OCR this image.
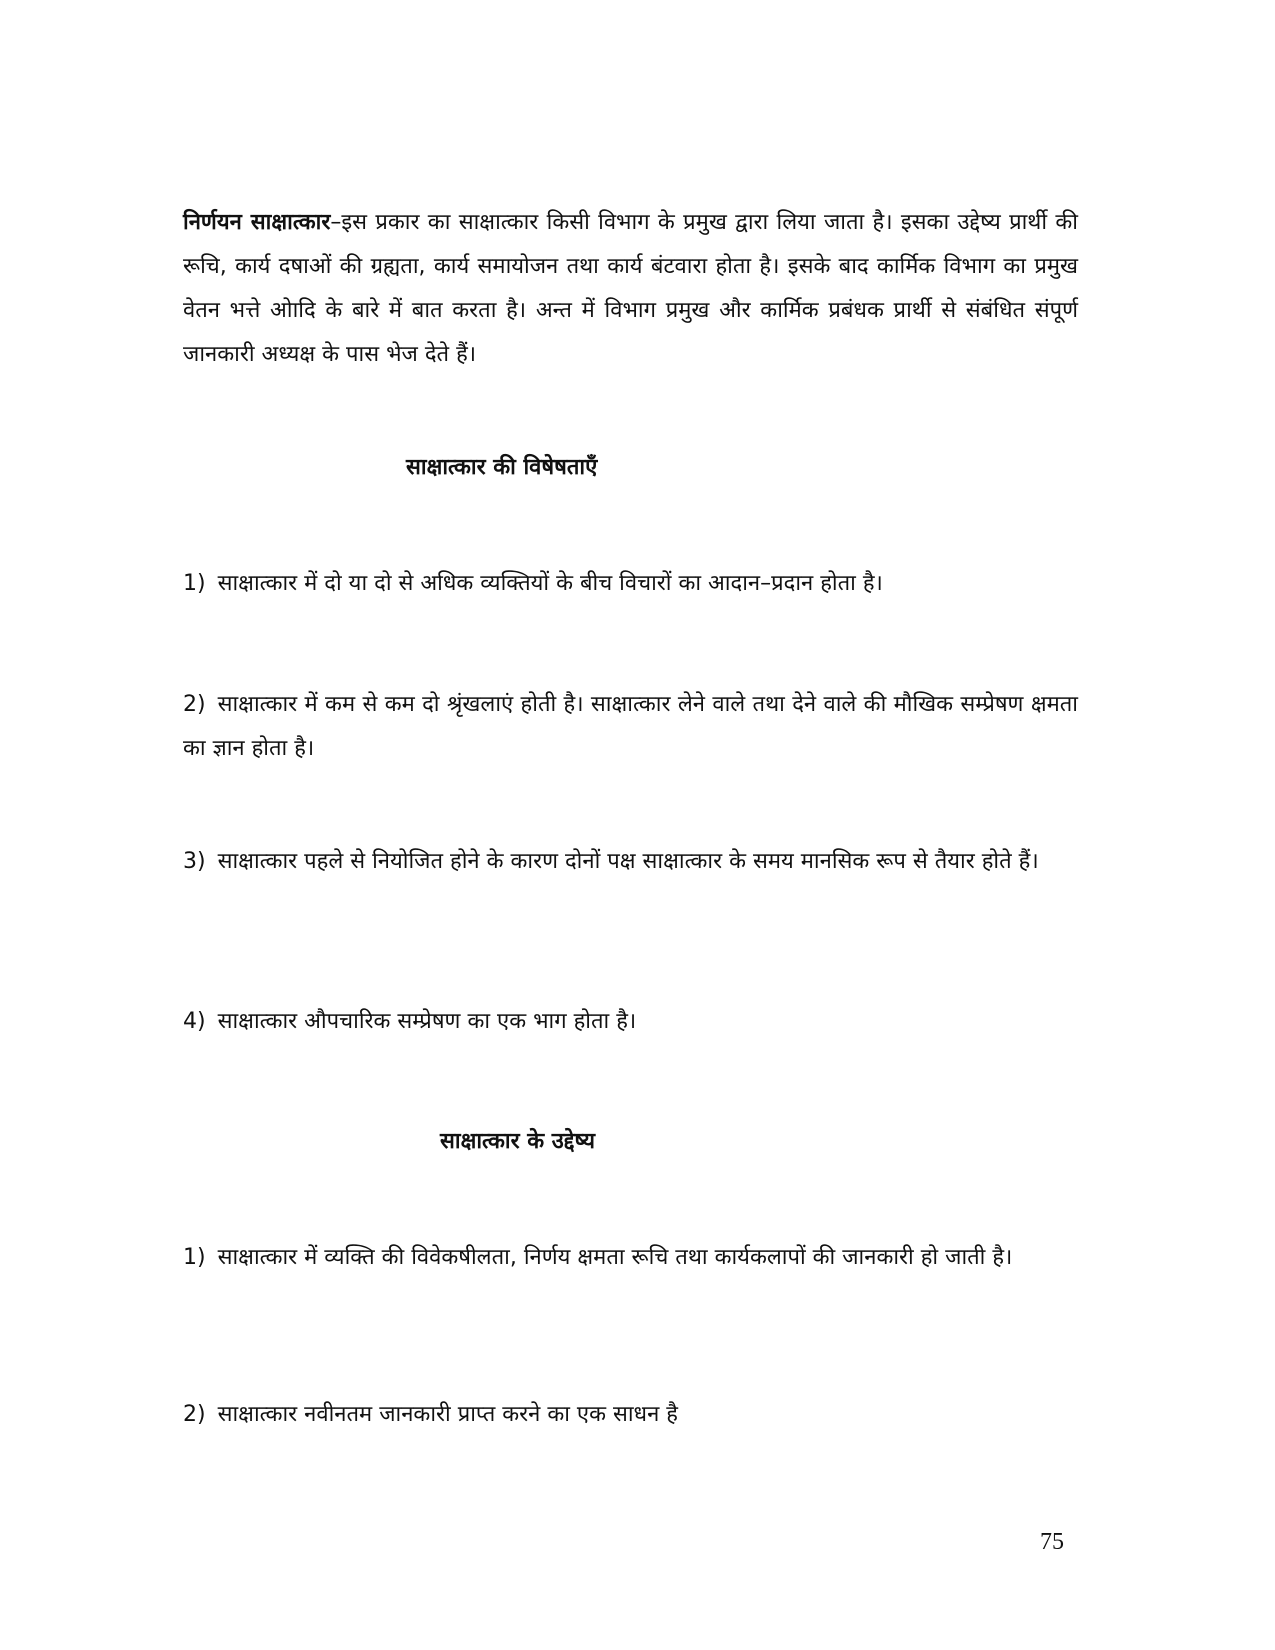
निर्णयन साक्षात्कार–इस प्रकार का साक्षात्कार किसी विभाग के प्रमुख द्वारा लिया जाता है। इसका उद्देष्य प्रार्थी की रूचि, कार्य दषाओं की ग्रह्यता, कार्य समायोजन तथा कार्य बंटवारा होता है। इसके बाद कार्मिक विभाग का प्रमुख वेतन भत्ते ओादि के बारे में बात करता है। अन्त में विभाग प्रमुख और कार्मिक प्रबंधक प्रार्थी से संबंधित संपूर्ण जानकारी अध्यक्ष के पास भेज देते हैं।

साक्षात्कार की विषेषताएँ

1) साक्षात्कार में दो या दो से अधिक व्यक्तियों के बीच विचारों का आदान–प्रदान होता है।

2) साक्षात्कार में कम से कम दो श्रृंखलाएं होती है। साक्षात्कार लेने वाले तथा देने वाले की मौखिक सम्प्रेषण क्षमता का ज्ञान होता है।

3) साक्षात्कार पहले से नियोजित होने के कारण दोनों पक्ष साक्षात्कार के समय मानसिक रूप से तैयार होते हैं।

4) साक्षात्कार औपचारिक सम्प्रेषण का एक भाग होता है।

साक्षात्कार के उद्देष्य

1) साक्षात्कार में व्यक्ति की विवेकषीलता, निर्णय क्षमता रूचि तथा कार्यकलापों की जानकारी हो जाती है।

2) साक्षात्कार नवीनतम जानकारी प्राप्त करने का एक साधन है

75
